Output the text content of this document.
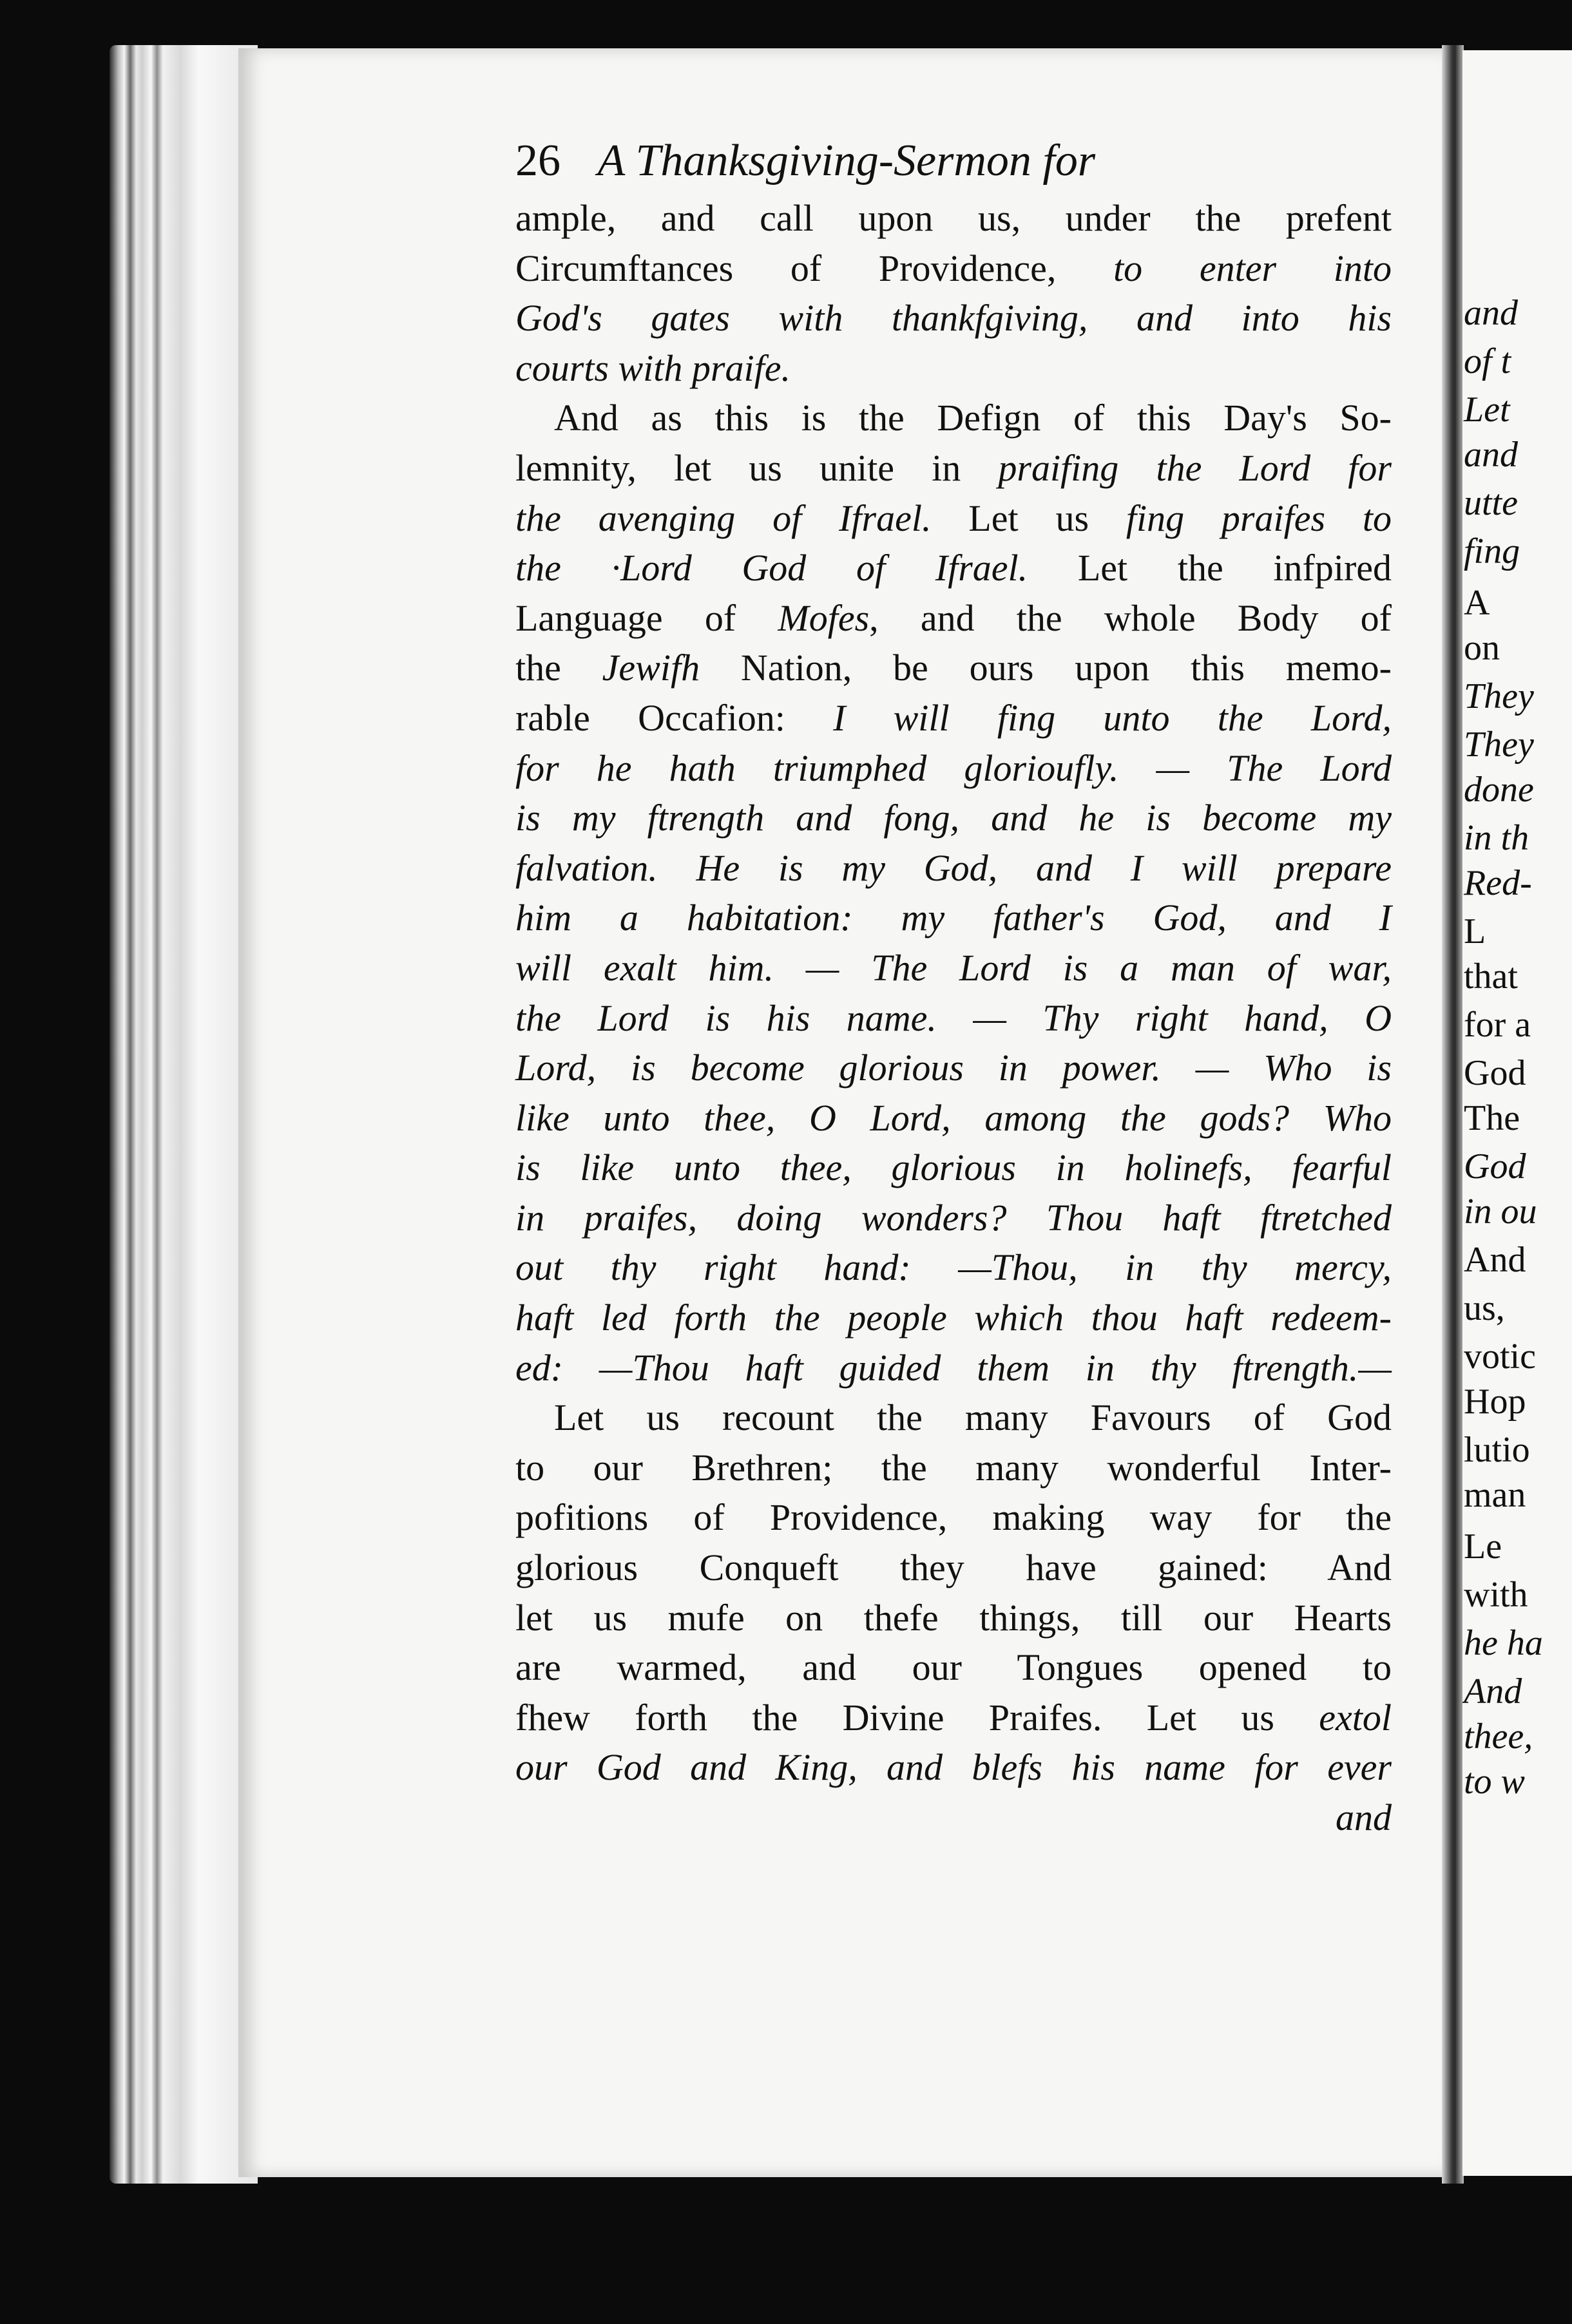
and
of t
Let
and
utte
fing
A
on
They
They
done
in th
Red-
L
that
for a
God
The
God
in ou
And
us,
votic
Hop
lutio
man
Le
with
he ha
And
thee,
to w
26 A Thanksgiving-Sermon for
ample, and call upon us, under the prefent
Circumftances of Providence, to enter into
God's gates with thankfgiving, and into his
courts with praife.
And as this is the Defign of this Day's So-
lemnity, let us unite in praifing the Lord for
the avenging of Ifrael. Let us fing praifes to
the ·Lord God of Ifrael. Let the infpired
Language of Mofes, and the whole Body of
the Jewifh Nation, be ours upon this memo-
rable Occafion: I will fing unto the Lord,
for he hath triumphed glorioufly. — The Lord
is my ftrength and fong, and he is become my
falvation. He is my God, and I will prepare
him a habitation: my father's God, and I
will exalt him. — The Lord is a man of war,
the Lord is his name. — Thy right hand, O
Lord, is become glorious in power. — Who is
like unto thee, O Lord, among the gods? Who
is like unto thee, glorious in holinefs, fearful
in praifes, doing wonders? Thou haft ftretched
out thy right hand: —Thou, in thy mercy,
haft led forth the people which thou haft redeem-
ed: —Thou haft guided them in thy ftrength.—
Let us recount the many Favours of God
to our Brethren; the many wonderful Inter-
pofitions of Providence, making way for the
glorious Conqueft they have gained: And
let us mufe on thefe things, till our Hearts
are warmed, and our Tongues opened to
fhew forth the Divine Praifes. Let us extol
our God and King, and blefs his name for ever
and
